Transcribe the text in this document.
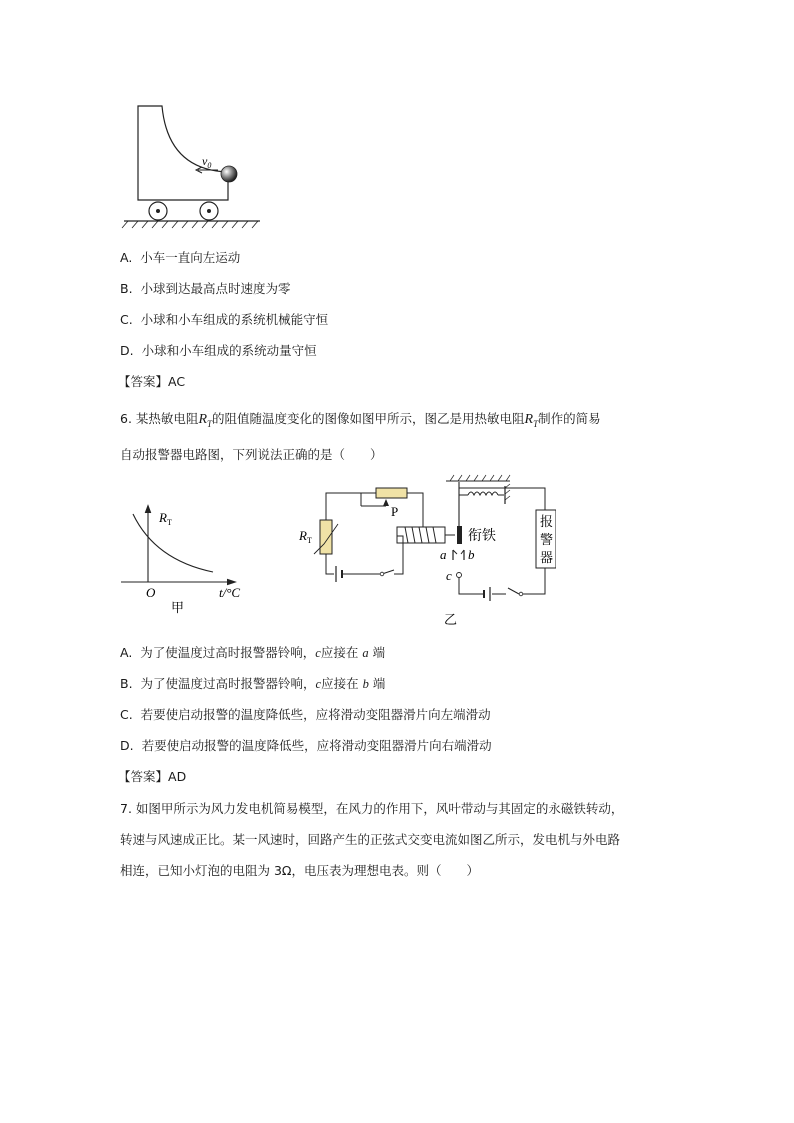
$v_0$
A. 小车一直向左运动
B. 小球到达最高点时速度为零
C. 小球和小车组成的系统机械能守恒
D. 小球和小车组成的系统动量守恒
【答案】AC
6. 某热敏电阻$R_T$的阻值随温度变化的图像如图甲所示，图乙是用热敏电阻$R_T$制作的简易
自动报警器电路图，下列说法正确的是（　　）
$R_T$
O	t/°C
甲
P
$R_T$	衔铁
报
警
器
a b
c
乙
A. 为了使温度过高时报警器铃响，c应接在 a 端
B. 为了使温度过高时报警器铃响，c应接在 b 端
C. 若要使启动报警的温度降低些，应将滑动变阻器滑片向左端滑动
D. 若要使启动报警的温度降低些，应将滑动变阻器滑片向右端滑动
【答案】AD
7. 如图甲所示为风力发电机简易模型，在风力的作用下，风叶带动与其固定的永磁铁转动，
转速与风速成正比。某一风速时，回路产生的正弦式交变电流如图乙所示，发电机与外电路
相连，已知小灯泡的电阻为 3Ω，电压表为理想电表。则（　　）
